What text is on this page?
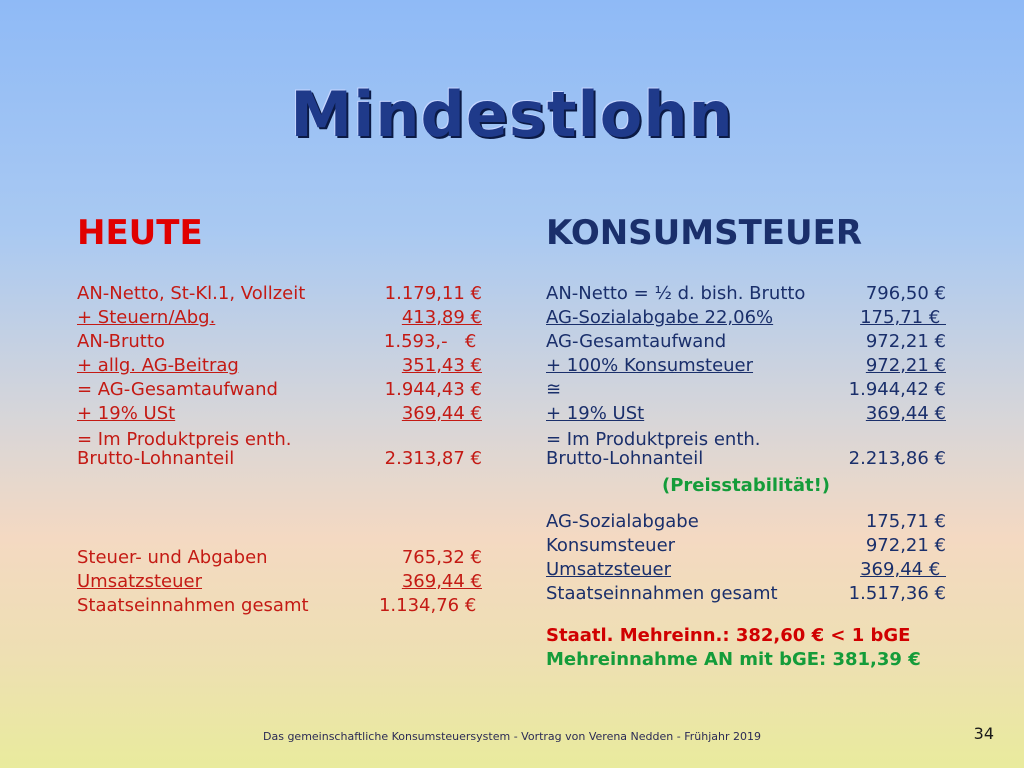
Mindestlohn
HEUTE
AN-Netto, St-Kl.1, Vollzeit	1.179,11 €
+ Steuern/Abg.	413,89 €
AN-Brutto	1.593,-   €
+ allg. AG-Beitrag	351,43 €
= AG-Gesamtaufwand	1.944,43 €
+ 19% USt	369,44 €
= Im Produktpreis enth.
Brutto-Lohnanteil	2.313,87 €
Steuer- und Abgaben	765,32 €
Umsatzsteuer	369,44 €
Staatseinnahmen gesamt	1.134,76 €
KONSUMSTEUER
AN-Netto = ½ d. bish. Brutto	796,50 €
AG-Sozialabgabe 22,06%	175,71 €
AG-Gesamtaufwand	972,21 €
+ 100% Konsumsteuer	972,21 €
≅	1.944,42 €
+ 19% USt	369,44 €
= Im Produktpreis enth.
Brutto-Lohnanteil	2.213,86 €
(Preisstabilität!)
AG-Sozialabgabe	175,71 €
Konsumsteuer	972,21 €
Umsatzsteuer	369,44 €
Staatseinnahmen gesamt	1.517,36 €
Staatl. Mehreinn.: 382,60 € < 1 bGE
Mehreinnahme AN mit bGE: 381,39 €
Das gemeinschaftliche Konsumsteuersystem - Vortrag von Verena Nedden - Frühjahr 2019	34
